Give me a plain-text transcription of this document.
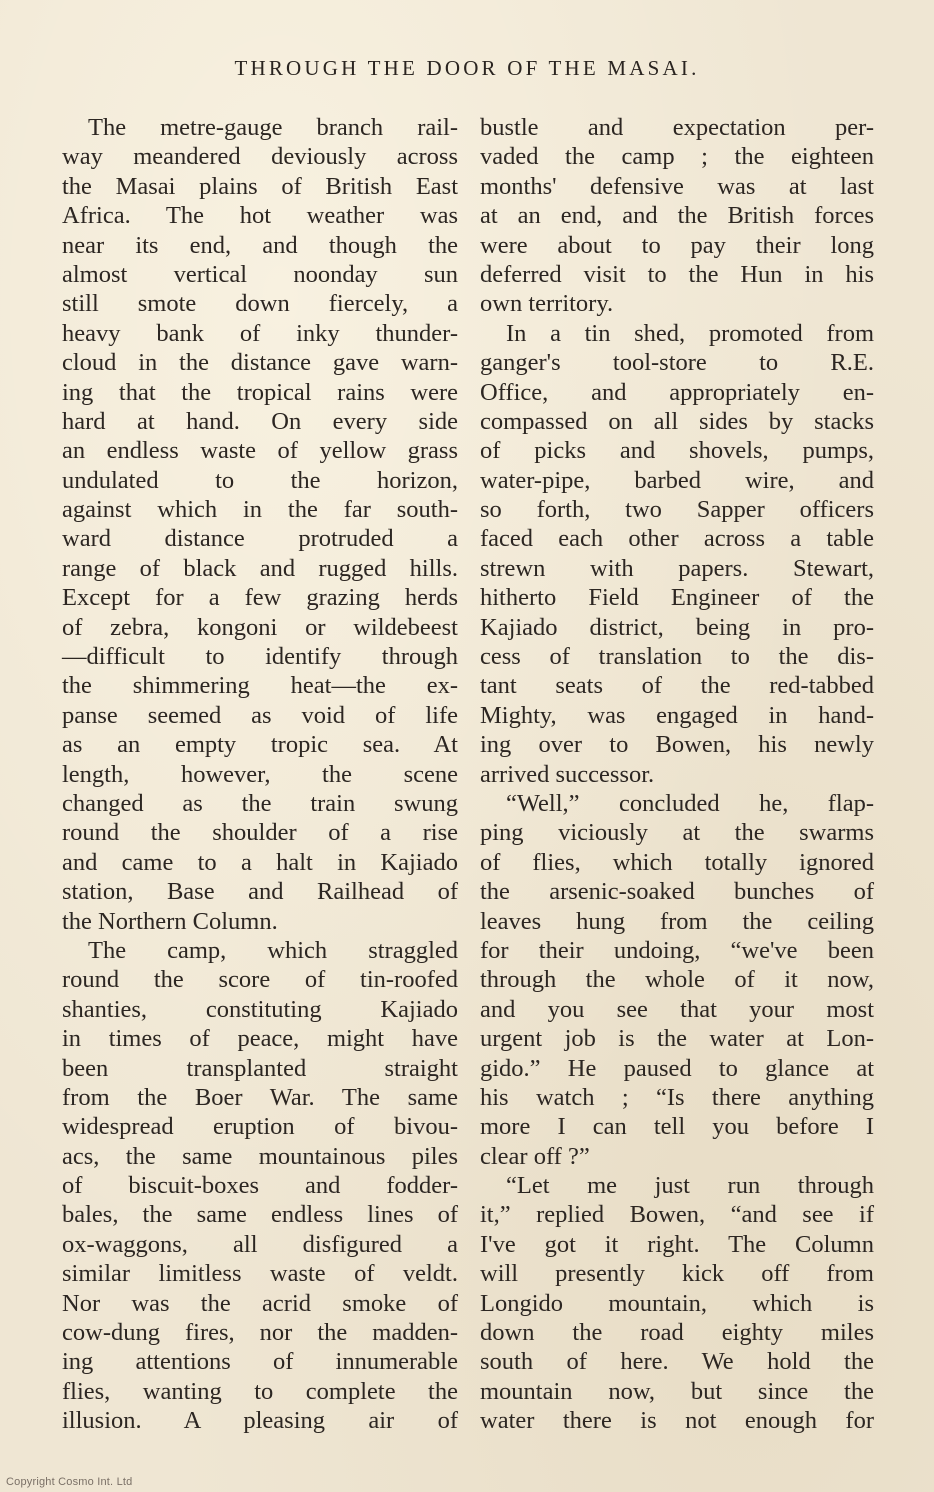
THROUGH THE DOOR OF THE MASAI.
The metre-gauge branch rail-
way meandered deviously across
the Masai plains of British East
Africa. The hot weather was
near its end, and though the
almost vertical noonday sun
still smote down fiercely, a
heavy bank of inky thunder-
cloud in the distance gave warn-
ing that the tropical rains were
hard at hand. On every side
an endless waste of yellow grass
undulated to the horizon,
against which in the far south-
ward distance protruded a
range of black and rugged hills.
Except for a few grazing herds
of zebra, kongoni or wildebeest
—difficult to identify through
the shimmering heat—the ex-
panse seemed as void of life
as an empty tropic sea. At
length, however, the scene
changed as the train swung
round the shoulder of a rise
and came to a halt in Kajiado
station, Base and Railhead of
the Northern Column.
The camp, which straggled
round the score of tin-roofed
shanties, constituting Kajiado
in times of peace, might have
been transplanted straight
from the Boer War. The same
widespread eruption of bivou-
acs, the same mountainous piles
of biscuit-boxes and fodder-
bales, the same endless lines of
ox-waggons, all disfigured a
similar limitless waste of veldt.
Nor was the acrid smoke of
cow-dung fires, nor the madden-
ing attentions of innumerable
flies, wanting to complete the
illusion. A pleasing air of
bustle and expectation per-
vaded the camp ; the eighteen
months' defensive was at last
at an end, and the British forces
were about to pay their long
deferred visit to the Hun in his
own territory.
In a tin shed, promoted from
ganger's tool-store to R.E.
Office, and appropriately en-
compassed on all sides by stacks
of picks and shovels, pumps,
water-pipe, barbed wire, and
so forth, two Sapper officers
faced each other across a table
strewn with papers. Stewart,
hitherto Field Engineer of the
Kajiado district, being in pro-
cess of translation to the dis-
tant seats of the red-tabbed
Mighty, was engaged in hand-
ing over to Bowen, his newly
arrived successor.
“Well,” concluded he, flap-
ping viciously at the swarms
of flies, which totally ignored
the arsenic-soaked bunches of
leaves hung from the ceiling
for their undoing, “we've been
through the whole of it now,
and you see that your most
urgent job is the water at Lon-
gido.” He paused to glance at
his watch ; “Is there anything
more I can tell you before I
clear off ?”
“Let me just run through
it,” replied Bowen, “and see if
I've got it right. The Column
will presently kick off from
Longido mountain, which is
down the road eighty miles
south of here. We hold the
mountain now, but since the
water there is not enough for
Copyright Cosmo Int. Ltd
